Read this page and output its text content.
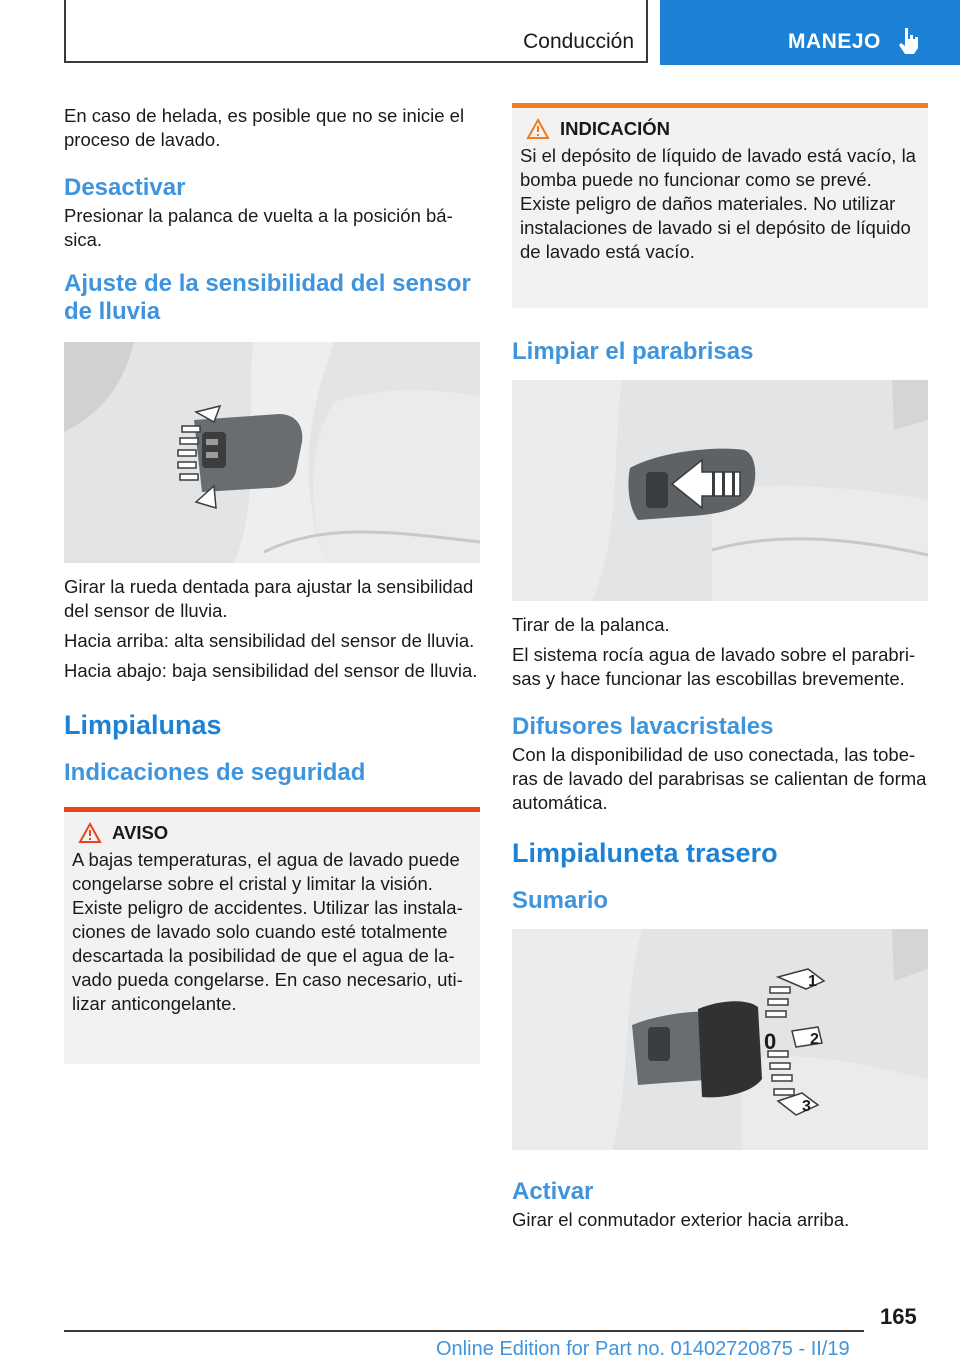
Conducción	MANEJO

En caso de helada, es posible que no se inicie el proceso de lavado.

Desactivar

Presionar la palanca de vuelta a la posición bá-sica.

Ajuste de la sensibilidad del sensor de lluvia

Girar la rueda dentada para ajustar la sensibilidad del sensor de lluvia.

Hacia arriba: alta sensibilidad del sensor de lluvia.

Hacia abajo: baja sensibilidad del sensor de lluvia.

Limpialunas
Indicaciones de seguridad
AVISO

A bajas temperaturas, el agua de lavado puede congelarse sobre el cristal y limitar la visión. Existe peligro de accidentes. Utilizar las instala-ciones de lavado solo cuando esté totalmente descartada la posibilidad de que el agua de la-vado pueda congelarse. En caso necesario, uti-lizar anticongelante.

INDICACIÓN

Si el depósito de líquido de lavado está vacío, la bomba puede no funcionar como se prevé. Existe peligro de daños materiales. No utilizar instalaciones de lavado si el depósito de líquido de lavado está vacío.

Limpiar el parabrisas

Tirar de la palanca.

El sistema rocía agua de lavado sobre el parabri-sas y hace funcionar las escobillas brevemente.

Difusores lavacristales

Con la disponibilidad de uso conectada, las tobe-ras de lavado del parabrisas se calientan de forma automática.

Limpialuneta trasero
Sumario
1
0 2
3
Activar

Girar el conmutador exterior hacia arriba.

165
Online Edition for Part no. 01402720875 - II/19
